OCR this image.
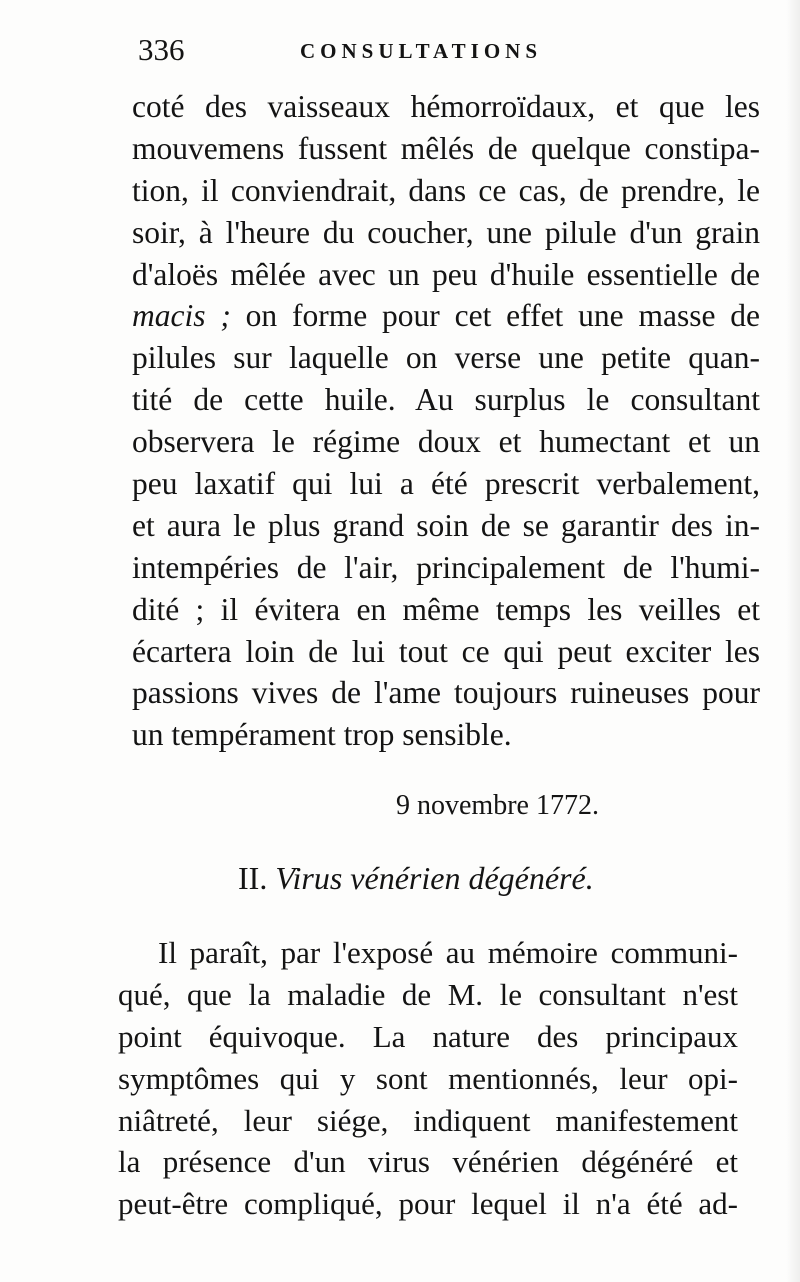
336	CONSULTATIONS
coté des vaisseaux hémorroïdaux, et que les
mouvemens fussent mêlés de quelque constipa-
tion, il conviendrait, dans ce cas, de prendre, le
soir, à l'heure du coucher, une pilule d'un grain
d'aloës mêlée avec un peu d'huile essentielle de
macis ; on forme pour cet effet une masse de
pilules sur laquelle on verse une petite quan-
tité de cette huile. Au surplus le consultant
observera le régime doux et humectant et un
peu laxatif qui lui a été prescrit verbalement,
et aura le plus grand soin de se garantir des in-
intempéries de l'air, principalement de l'humi-
dité ; il évitera en même temps les veilles et
écartera loin de lui tout ce qui peut exciter les
passions vives de l'ame toujours ruineuses pour
un tempérament trop sensible.
9 novembre 1772.
II. Virus vénérien dégénéré.
Il paraît, par l'exposé au mémoire communi-
qué, que la maladie de M. le consultant n'est
point équivoque. La nature des principaux
symptômes qui y sont mentionnés, leur opi-
niâtreté, leur siége, indiquent manifestement
la présence d'un virus vénérien dégénéré et
peut-être compliqué, pour lequel il n'a été ad-
